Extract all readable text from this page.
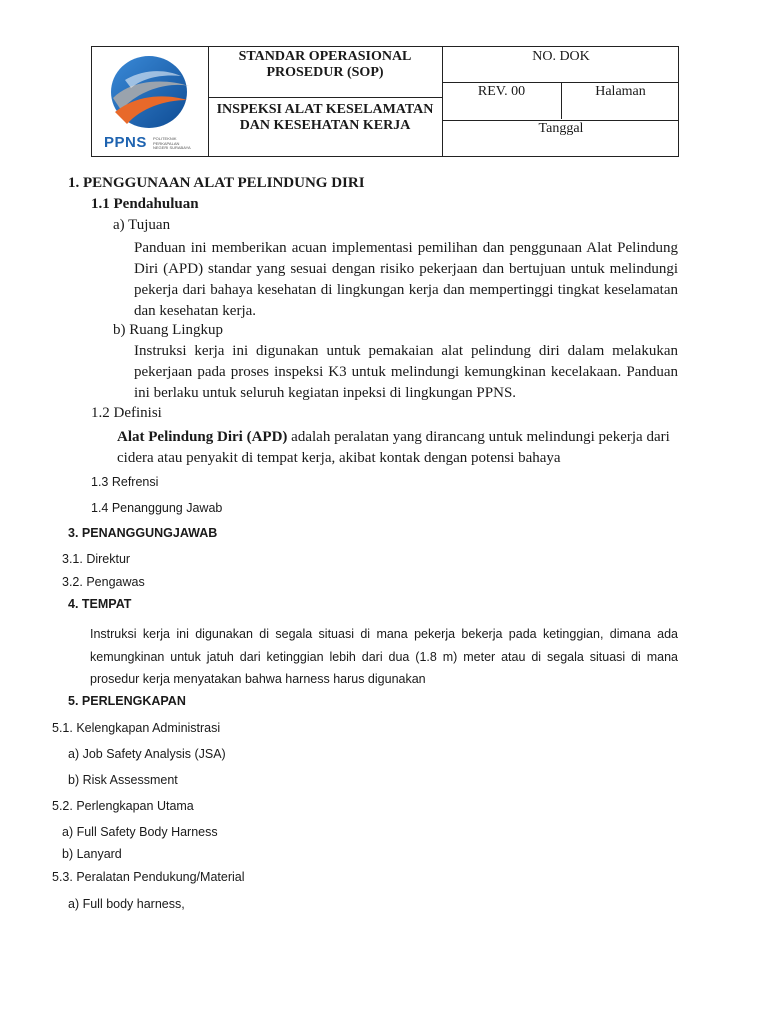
STANDAR OPERASIONAL
PROSEDUR (SOP)
INSPEKSI ALAT KESELAMATAN
DAN KESEHATAN KERJA
NO. DOK
REV. 00	Halaman
Tanggal
PPNS POLITEKNIK
PERKAPALAN
NEGERI SURABAYA
1. PENGGUNAAN ALAT PELINDUNG DIRI
1.1 Pendahuluan
a) Tujuan
Panduan ini memberikan acuan implementasi pemilihan dan penggunaan Alat Pelindung
Diri (APD) standar yang sesuai dengan risiko pekerjaan dan bertujuan untuk melindungi
pekerja dari bahaya kesehatan di lingkungan kerja dan mempertinggi tingkat keselamatan
dan kesehatan kerja.
b) Ruang Lingkup
Instruksi kerja ini digunakan untuk pemakaian alat pelindung diri dalam melakukan
pekerjaan pada proses inspeksi K3 untuk melindungi kemungkinan kecelakaan. Panduan
ini berlaku untuk seluruh kegiatan inpeksi di lingkungan PPNS.
1.2 Definisi
Alat Pelindung Diri (APD) adalah peralatan yang dirancang untuk melindungi pekerja dari
cidera atau penyakit di tempat kerja, akibat kontak dengan potensi bahaya
1.3 Refrensi
1.4 Penanggung Jawab
3. PENANGGUNGJAWAB
3.1. Direktur
3.2. Pengawas
4. TEMPAT
Instruksi kerja ini digunakan di segala situasi di mana pekerja bekerja pada ketinggian, dimana ada
kemungkinan untuk jatuh dari ketinggian lebih dari dua (1.8 m) meter atau di segala situasi di mana
prosedur kerja menyatakan bahwa harness harus digunakan
5. PERLENGKAPAN
5.1. Kelengkapan Administrasi
a) Job Safety Analysis (JSA)
b) Risk Assessment
5.2. Perlengkapan Utama
a) Full Safety Body Harness
b) Lanyard
5.3. Peralatan Pendukung/Material
a) Full body harness,
